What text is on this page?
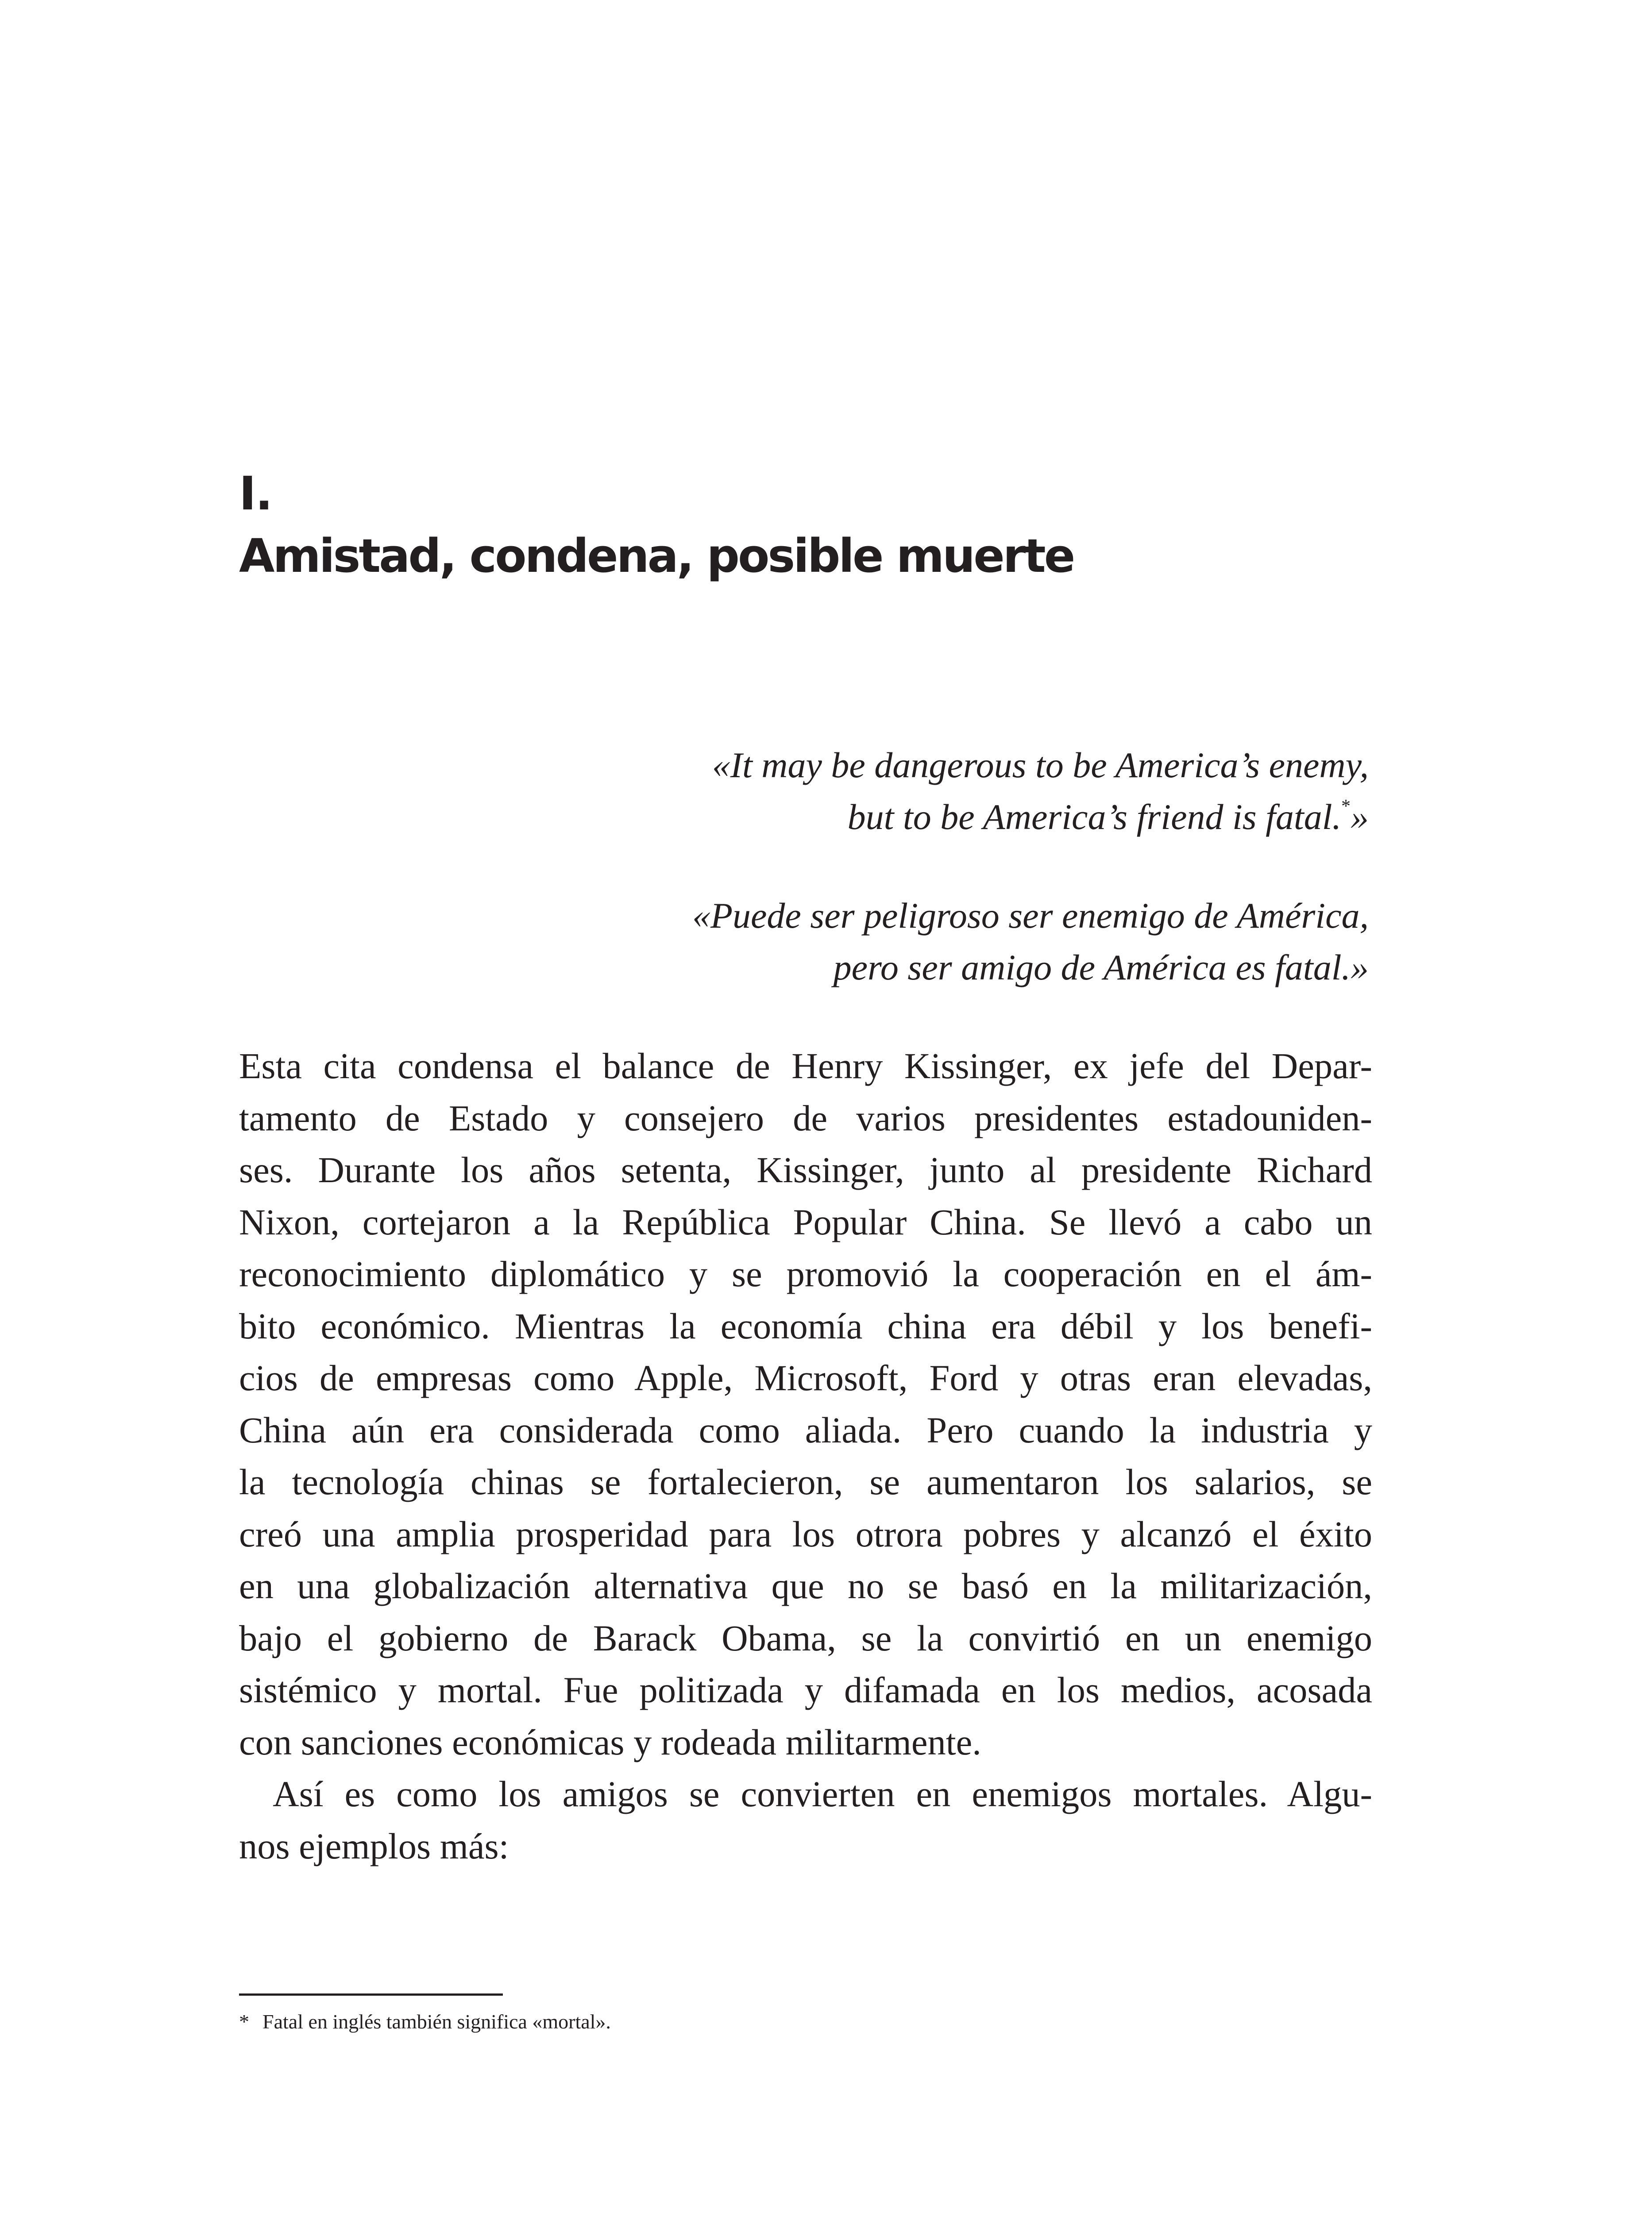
I.
Amistad, condena, posible muerte
«It may be dangerous to be America’s enemy,
but to be America’s friend is fatal.*»
«Puede ser peligroso ser enemigo de América,
pero ser amigo de América es fatal.»
Esta cita condensa el balance de Henry Kissinger, ex jefe del Depar-
tamento de Estado y consejero de varios presidentes estadouniden-
ses. Durante los años setenta, Kissinger, junto al presidente Richard
Nixon, cortejaron a la República Popular China. Se llevó a cabo un
reconocimiento diplomático y se promovió la cooperación en el ám-
bito económico. Mientras la economía china era débil y los benefi-
cios de empresas como Apple, Microsoft, Ford y otras eran elevadas,
China aún era considerada como aliada. Pero cuando la industria y
la tecnología chinas se fortalecieron, se aumentaron los salarios, se
creó una amplia prosperidad para los otrora pobres y alcanzó el éxito
en una globalización alternativa que no se basó en la militarización,
bajo el gobierno de Barack Obama, se la convirtió en un enemigo
sistémico y mortal. Fue politizada y difamada en los medios, acosada
con sanciones económicas y rodeada militarmente.
Así es como los amigos se convierten en enemigos mortales. Algu-
nos ejemplos más:
* Fatal en inglés también significa «mortal».
